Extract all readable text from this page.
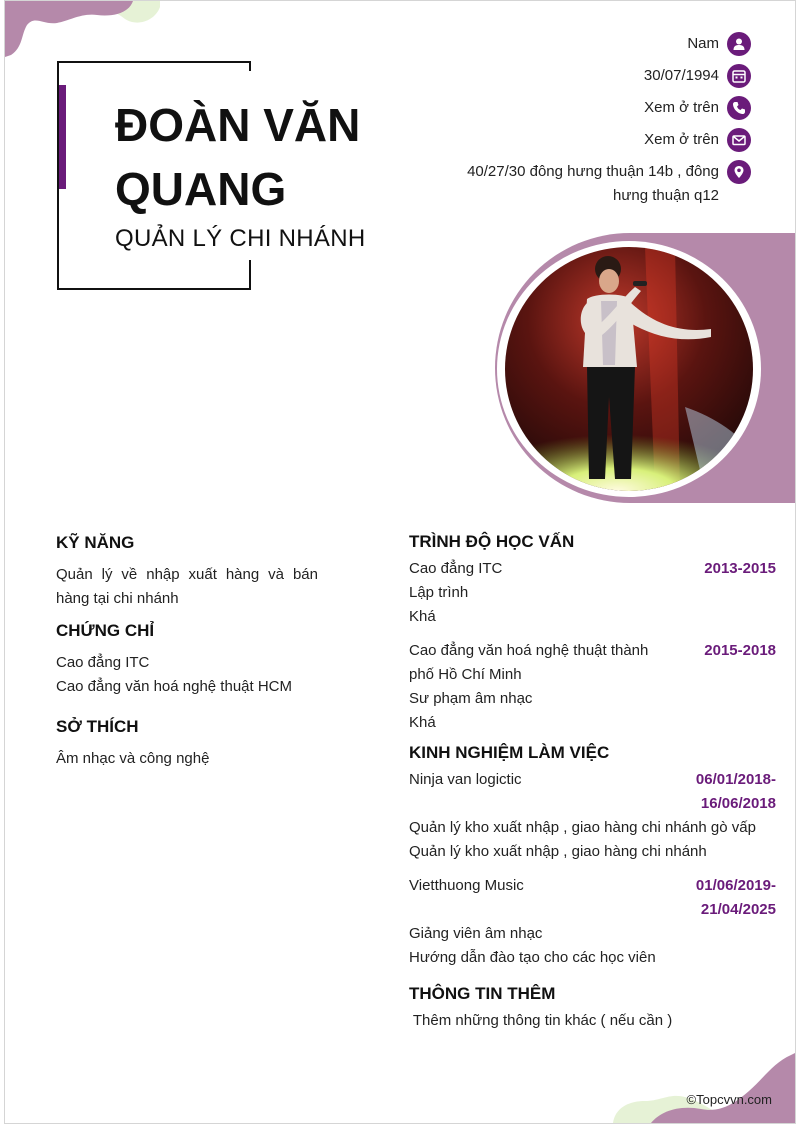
ĐOÀN VĂN
QUANG

QUẢN LÝ CHI NHÁNH

Nam
30/07/1994
Xem ở trên
Xem ở trên
40/27/30 đông hưng thuận 14b , đông hưng thuận q12
KỸ NĂNG

Quản lý về nhập xuất hàng và bán hàng tại chi nhánh

CHỨNG CHỈ

Cao đẳng ITC

Cao đẳng văn hoá nghệ thuật HCM

SỞ THÍCH

Âm nhạc và công nghệ

TRÌNH ĐỘ HỌC VẤN
Cao đẳng ITC	2013-2015

Lập trình

Khá

Cao đẳng văn hoá nghệ thuật thành phố Hồ Chí Minh
2015-2018

Sư phạm âm nhạc

Khá

KINH NGHIỆM LÀM VIỆC
Ninja van logictic	06/01/2018-
16/06/2018

Quản lý kho xuất nhập , giao hàng chi nhánh gò vấp

Quản lý kho xuất nhập , giao hàng chi nhánh

Vietthuong Music	01/06/2019-
21/04/2025

Giảng viên âm nhạc

Hướng dẫn đào tạo cho các học viên

THÔNG TIN THÊM

Thêm những thông tin khác ( nếu cần )

©Topcvvn.com
